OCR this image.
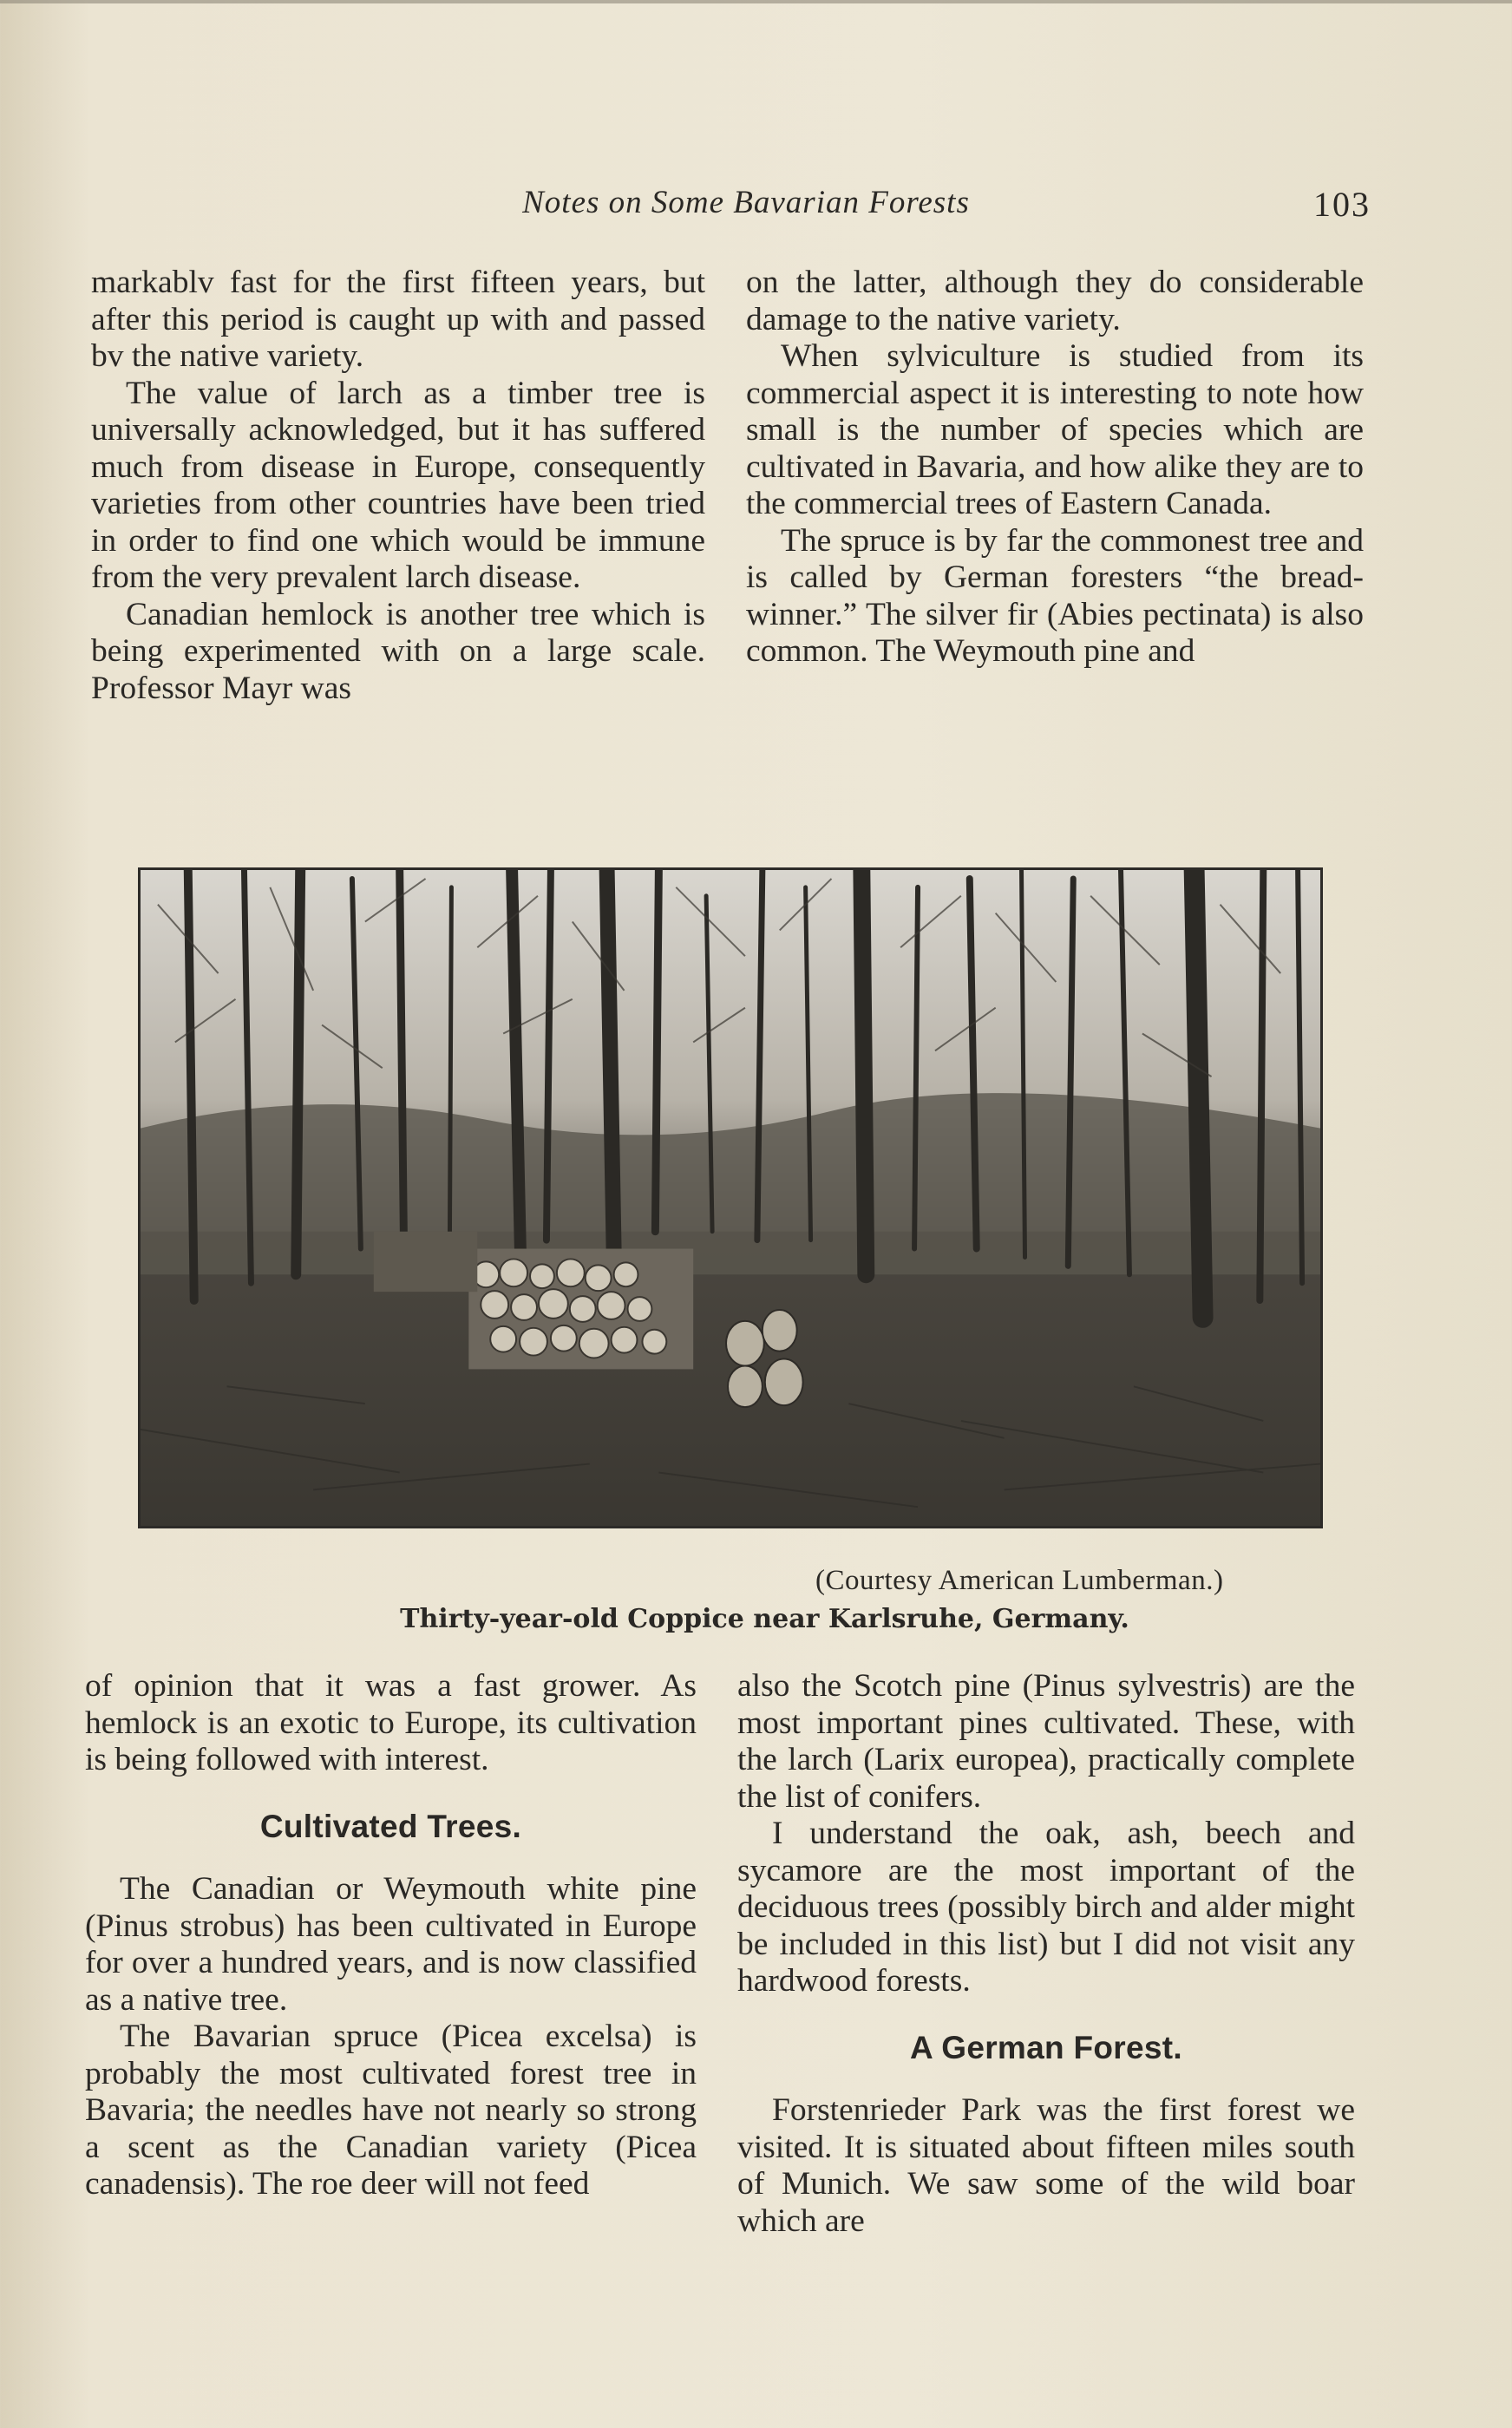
Notes on Some Bavarian Forests	103

markablv fast for the first fifteen years, but after this period is caught up with and passed bv the native variety.

The value of larch as a timber tree is universally acknowledged, but it has suffered much from disease in Europe, consequently varieties from other countries have been tried in order to find one which would be immune from the very prevalent larch disease.

Canadian hemlock is another tree which is being experimented with on a large scale. Professor Mayr was

on the latter, although they do considerable damage to the native variety.

When sylviculture is studied from its commercial aspect it is interesting to note how small is the number of species which are cultivated in Bavaria, and how alike they are to the commercial trees of Eastern Canada.

The spruce is by far the commonest tree and is called by German foresters “the bread-winner.” The silver fir (Abies pectinata) is also common. The Weymouth pine and

(Courtesy American Lumberman.)
Thirty-year-old Coppice near Karlsruhe, Germany.

of opinion that it was a fast grower. As hemlock is an exotic to Europe, its cultivation is being followed with interest.

Cultivated Trees.

The Canadian or Weymouth white pine (Pinus strobus) has been cultivated in Europe for over a hundred years, and is now classified as a native tree.

The Bavarian spruce (Picea excelsa) is probably the most cultivated forest tree in Bavaria; the needles have not nearly so strong a scent as the Canadian variety (Picea canadensis). The roe deer will not feed

also the Scotch pine (Pinus sylvestris) are the most important pines cultivated. These, with the larch (Larix europea), practically complete the list of conifers.

I understand the oak, ash, beech and sycamore are the most important of the deciduous trees (possibly birch and alder might be included in this list) but I did not visit any hardwood forests.

A German Forest.

Forstenrieder Park was the first forest we visited. It is situated about fifteen miles south of Munich. We saw some of the wild boar which are
